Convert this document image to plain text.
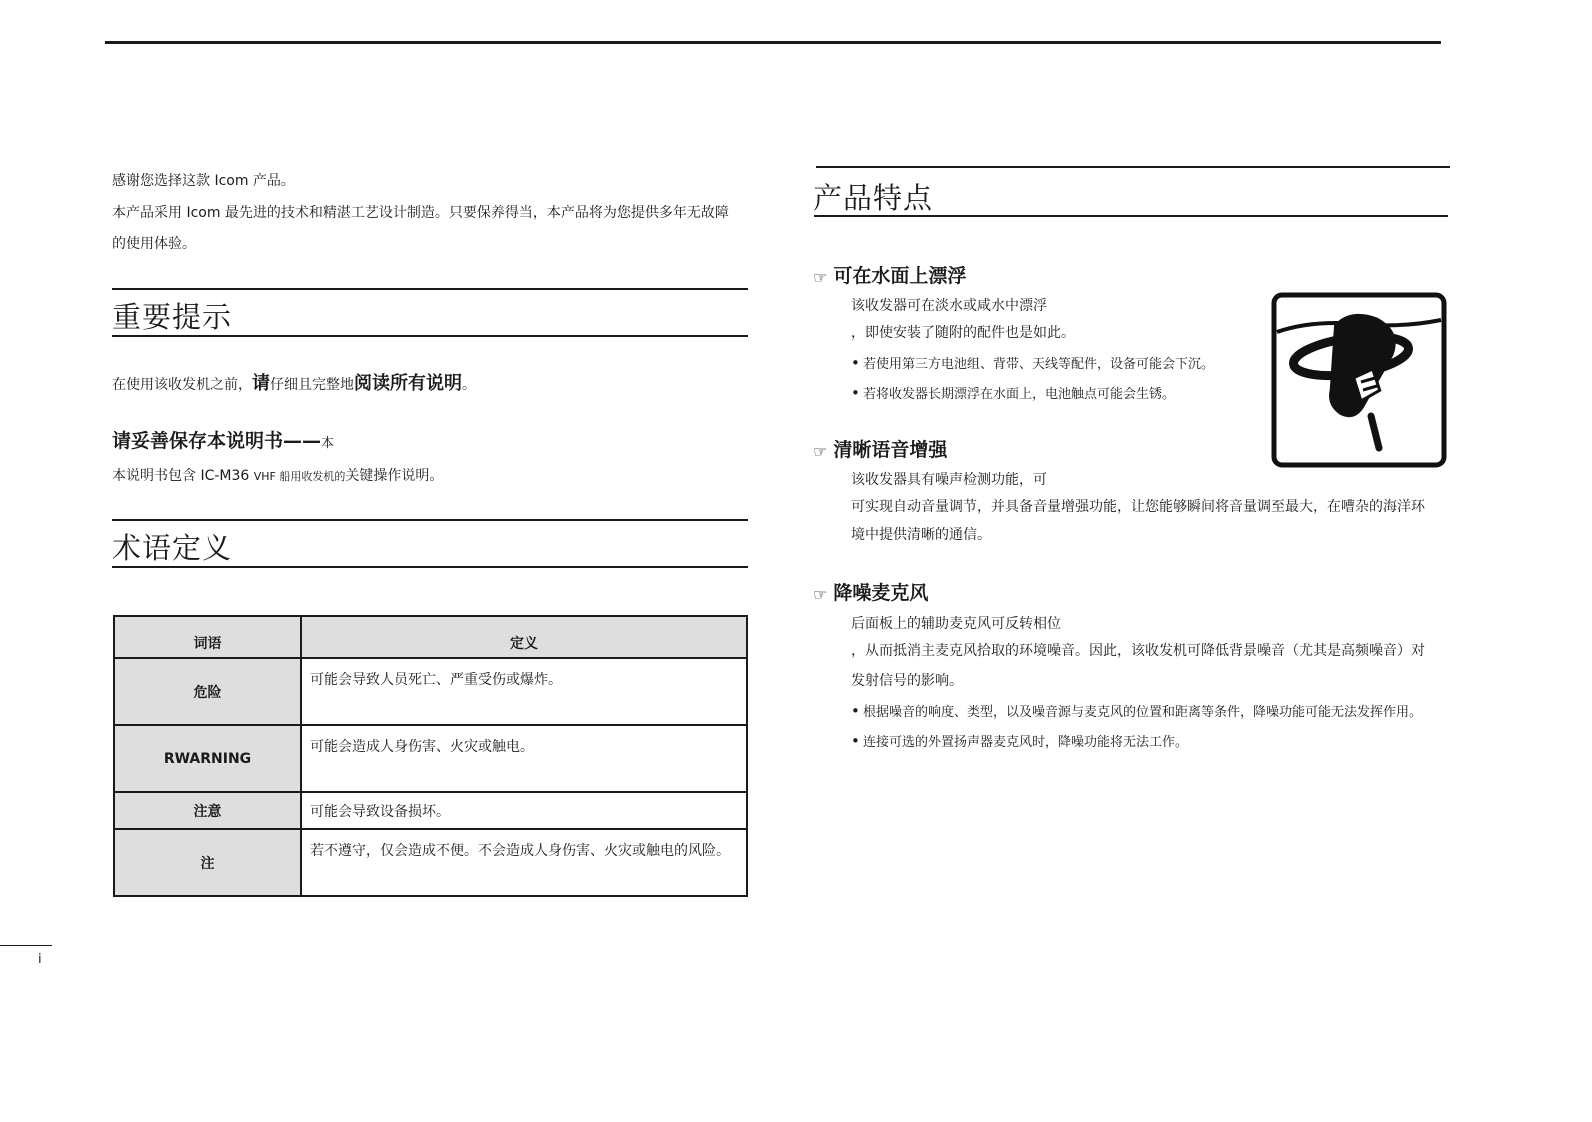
感谢您选择这款 Icom 产品。
本产品采用 Icom 最先进的技术和精湛工艺设计制造。只要保养得当，本产品将为您提供多年无故障
的使用体验。
重要提示
在使用该收发机之前，请仔细且完整地阅读所有说明。
请妥善保存本说明书——本
本说明书包含 IC-M36 VHF 船用收发机的关键操作说明。
术语定义
词语	定义
危险	可能会导致人员死亡、严重受伤或爆炸。
RWARNING	可能会造成人身伤害、火灾或触电。
注意	可能会导致设备损坏。
注	若不遵守，仅会造成不便。不会造成人身伤害、火灾或触电的风险。
i
产品特点
☞ 可在水面上漂浮
该收发器可在淡水或咸水中漂浮
，即使安装了随附的配件也是如此。
• 若使用第三方电池组、背带、天线等配件，设备可能会下沉。
• 若将收发器长期漂浮在水面上，电池触点可能会生锈。
☞ 清晰语音增强
该收发器具有噪声检测功能，可
可实现自动音量调节，并具备音量增强功能，让您能够瞬间将音量调至最大，在嘈杂的海洋环
境中提供清晰的通信。
☞ 降噪麦克风
后面板上的辅助麦克风可反转相位
，从而抵消主麦克风拾取的环境噪音。因此，该收发机可降低背景噪音（尤其是高频噪音）对
发射信号的影响。
• 根据噪音的响度、类型，以及噪音源与麦克风的位置和距离等条件，降噪功能可能无法发挥作用。
• 连接可选的外置扬声器麦克风时，降噪功能将无法工作。
